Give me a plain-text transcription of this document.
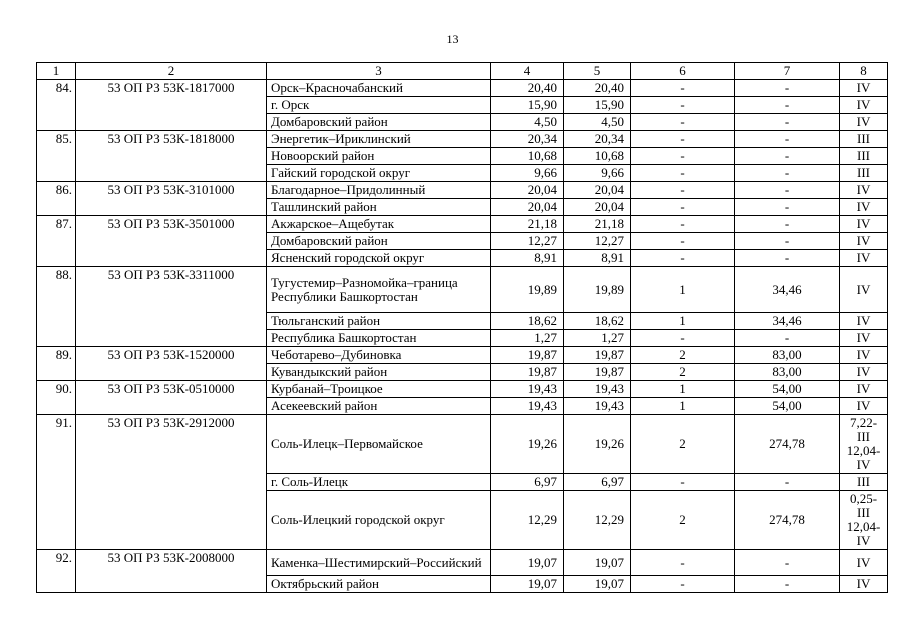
13
1	2	3	4	5	6	7	8
84.	53 ОП РЗ 53К-1817000	Орск–Красночабанский	20,40	20,40	-	-	IV
		г. Орск	15,90	15,90	-	-	IV
		Домбаровский район	4,50	4,50	-	-	IV
85.	53 ОП РЗ 53К-1818000	Энергетик–Ириклинский	20,34	20,34	-	-	III
		Новоорский район	10,68	10,68	-	-	III
		Гайский городской округ	9,66	9,66	-	-	III
86.	53 ОП РЗ 53К-3101000	Благодарное–Придолинный	20,04	20,04	-	-	IV
		Ташлинский район	20,04	20,04	-	-	IV
87.	53 ОП РЗ 53К-3501000	Акжарское–Ащебутак	21,18	21,18	-	-	IV
		Домбаровский район	12,27	12,27	-	-	IV
		Ясненский городской округ	8,91	8,91	-	-	IV
88.	53 ОП РЗ 53К-3311000	Тугустемир–Разномойка–граница Республики Башкортостан	19,89	19,89	1	34,46	IV
		Тюльганский район	18,62	18,62	1	34,46	IV
		Республика Башкортостан	1,27	1,27	-	-	IV
89.	53 ОП РЗ 53К-1520000	Чеботарево–Дубиновка	19,87	19,87	2	83,00	IV
		Кувандыкский район	19,87	19,87	2	83,00	IV
90.	53 ОП РЗ 53К-0510000	Курбанай–Троицкое	19,43	19,43	1	54,00	IV
		Асекеевский район	19,43	19,43	1	54,00	IV
91.	53 ОП РЗ 53К-2912000	Соль-Илецк–Первомайское	19,26	19,26	2	274,78	7,22-III 12,04-IV
		г. Соль-Илецк	6,97	6,97	-	-	III
		Соль-Илецкий городской округ	12,29	12,29	2	274,78	0,25-III 12,04-IV
92.	53 ОП РЗ 53К-2008000	Каменка–Шестимирский–Российский	19,07	19,07	-	-	IV
		Октябрьский район	19,07	19,07	-	-	IV
